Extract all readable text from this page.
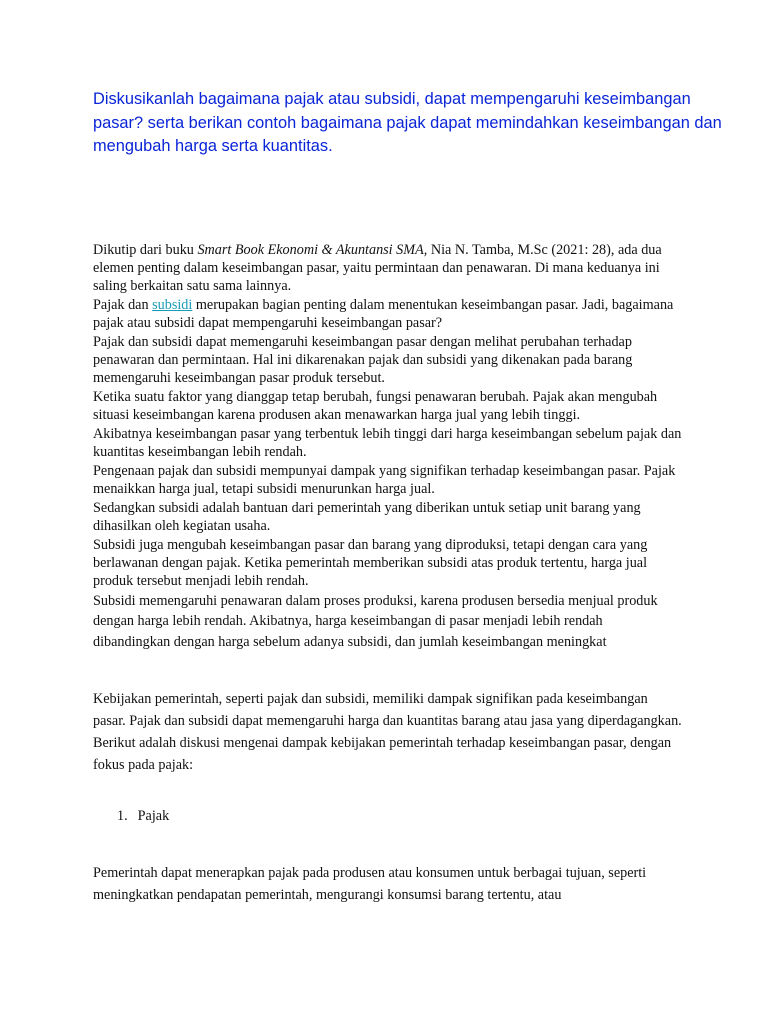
Diskusikanlah bagaimana pajak atau subsidi, dapat mempengaruhi keseimbangan pasar? serta berikan contoh bagaimana pajak dapat memindahkan keseimbangan dan mengubah harga serta kuantitas.

Dikutip dari buku Smart Book Ekonomi & Akuntansi SMA, Nia N. Tamba, M.Sc (2021: 28), ada dua elemen penting dalam keseimbangan pasar, yaitu permintaan dan penawaran. Di mana keduanya ini saling berkaitan satu sama lainnya.

Pajak dan subsidi merupakan bagian penting dalam menentukan keseimbangan pasar. Jadi, bagaimana pajak atau subsidi dapat mempengaruhi keseimbangan pasar?

Pajak dan subsidi dapat memengaruhi keseimbangan pasar dengan melihat perubahan terhadap penawaran dan permintaan. Hal ini dikarenakan pajak dan subsidi yang dikenakan pada barang memengaruhi keseimbangan pasar produk tersebut.

Ketika suatu faktor yang dianggap tetap berubah, fungsi penawaran berubah. Pajak akan mengubah situasi keseimbangan karena produsen akan menawarkan harga jual yang lebih tinggi.

Akibatnya keseimbangan pasar yang terbentuk lebih tinggi dari harga keseimbangan sebelum pajak dan kuantitas keseimbangan lebih rendah.

Pengenaan pajak dan subsidi mempunyai dampak yang signifikan terhadap keseimbangan pasar. Pajak menaikkan harga jual, tetapi subsidi menurunkan harga jual.

Sedangkan subsidi adalah bantuan dari pemerintah yang diberikan untuk setiap unit barang yang dihasilkan oleh kegiatan usaha.

Subsidi juga mengubah keseimbangan pasar dan barang yang diproduksi, tetapi dengan cara yang berlawanan dengan pajak. Ketika pemerintah memberikan subsidi atas produk tertentu, harga jual produk tersebut menjadi lebih rendah.

Subsidi memengaruhi penawaran dalam proses produksi, karena produsen bersedia menjual produk dengan harga lebih rendah. Akibatnya, harga keseimbangan di pasar menjadi lebih rendah dibandingkan dengan harga sebelum adanya subsidi, dan jumlah keseimbangan meningkat

Kebijakan pemerintah, seperti pajak dan subsidi, memiliki dampak signifikan pada keseimbangan pasar. Pajak dan subsidi dapat memengaruhi harga dan kuantitas barang atau jasa yang diperdagangkan. Berikut adalah diskusi mengenai dampak kebijakan pemerintah terhadap keseimbangan pasar, dengan fokus pada pajak:

1. Pajak

Pemerintah dapat menerapkan pajak pada produsen atau konsumen untuk berbagai tujuan, seperti meningkatkan pendapatan pemerintah, mengurangi konsumsi barang tertentu, atau
